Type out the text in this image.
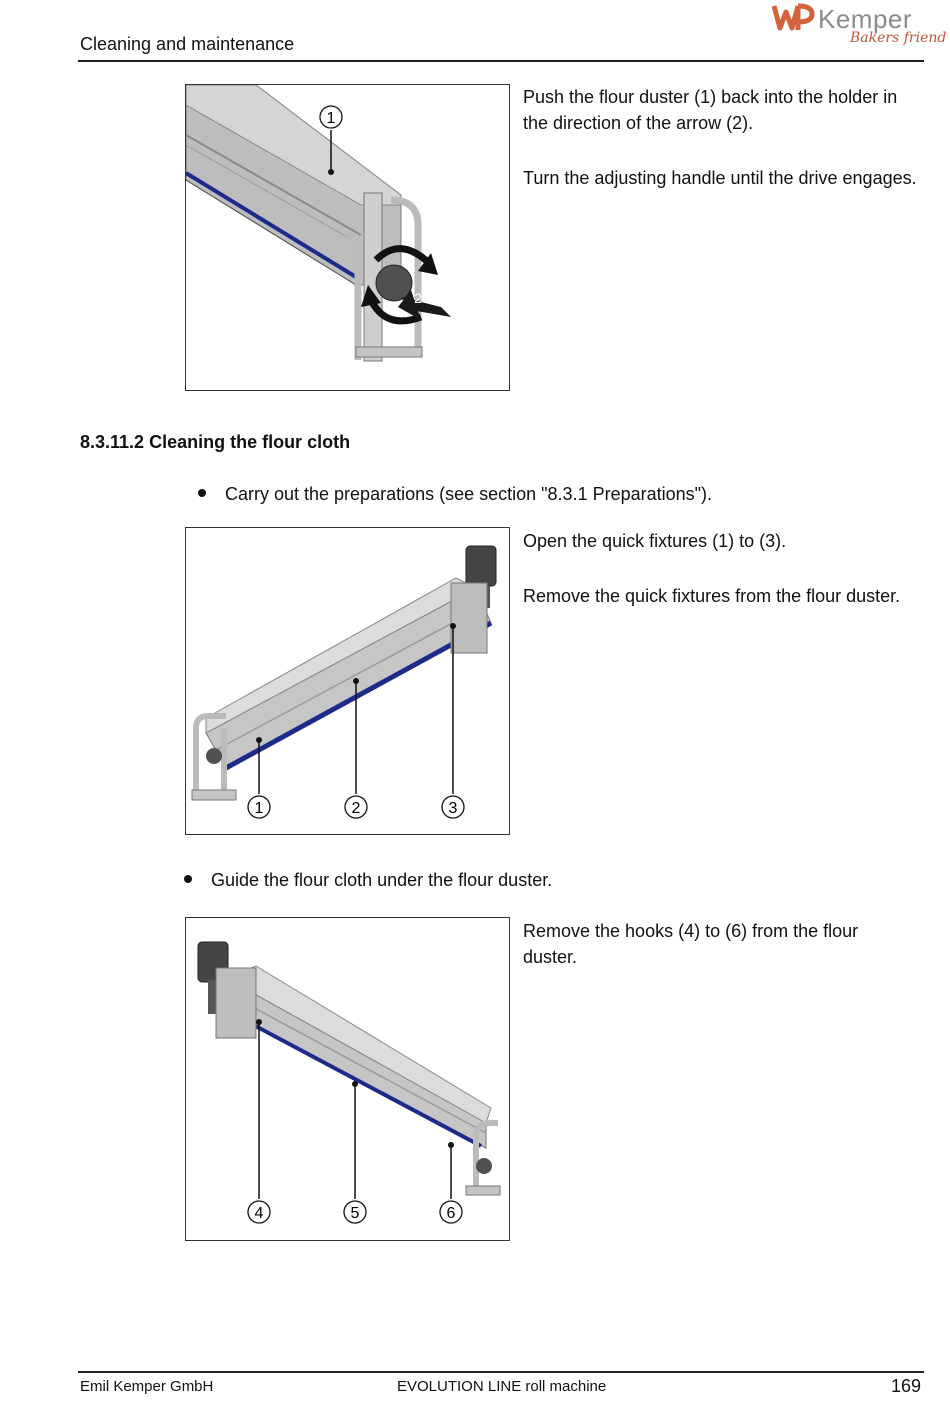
Cleaning and maintenance
Kemper
Bakers friend
1
2
Push the flour duster (1) back into the holder in the direction of the arrow (2).
Turn the adjusting handle until the drive engages.
8.3.11.2 Cleaning the flour cloth
Carry out the preparations (see section "8.3.1 Preparations").
1	2	3
Open the quick fixtures (1) to (3).
Remove the quick fixtures from the flour duster.
Guide the flour cloth under the flour duster.
4	5	6
Remove the hooks (4) to (6) from the flour duster.
Emil Kemper GmbH	EVOLUTION LINE roll machine	169
